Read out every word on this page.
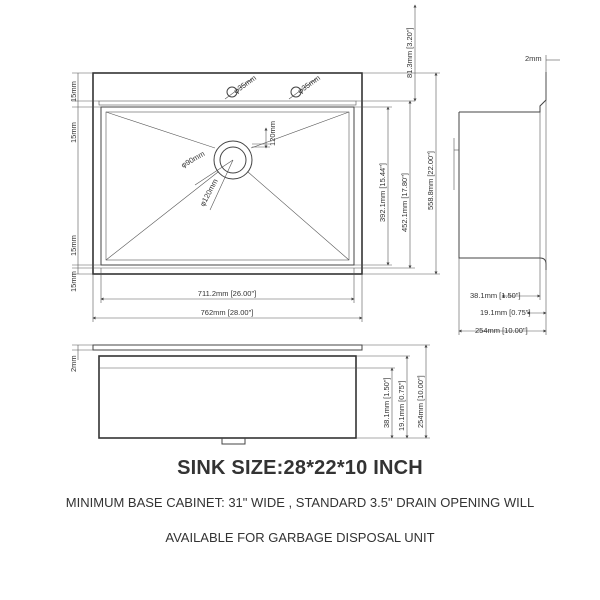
φ35mm	φ35mm
φ90mm
φ120mm
120mm
15mm
15mm
15mm
15mm
81.3mm [3.20"]
392.1mm [15.44"] 452.1mm [17.80"] 558.8mm [22.00"]
711.2mm [26.00"]
762mm [28.00"]
2mm
38.1mm [1.50"] 19.1mm [0.75"] 254mm [10.00"]
2mm
38.1mm [1.50"]
19.1mm [0.75"]
254mm [10.00"]
SINK SIZE:28*22*10 INCH
MINIMUM BASE CABINET: 31" WIDE , STANDARD 3.5" DRAIN OPENING WILL
AVAILABLE FOR GARBAGE DISPOSAL UNIT
